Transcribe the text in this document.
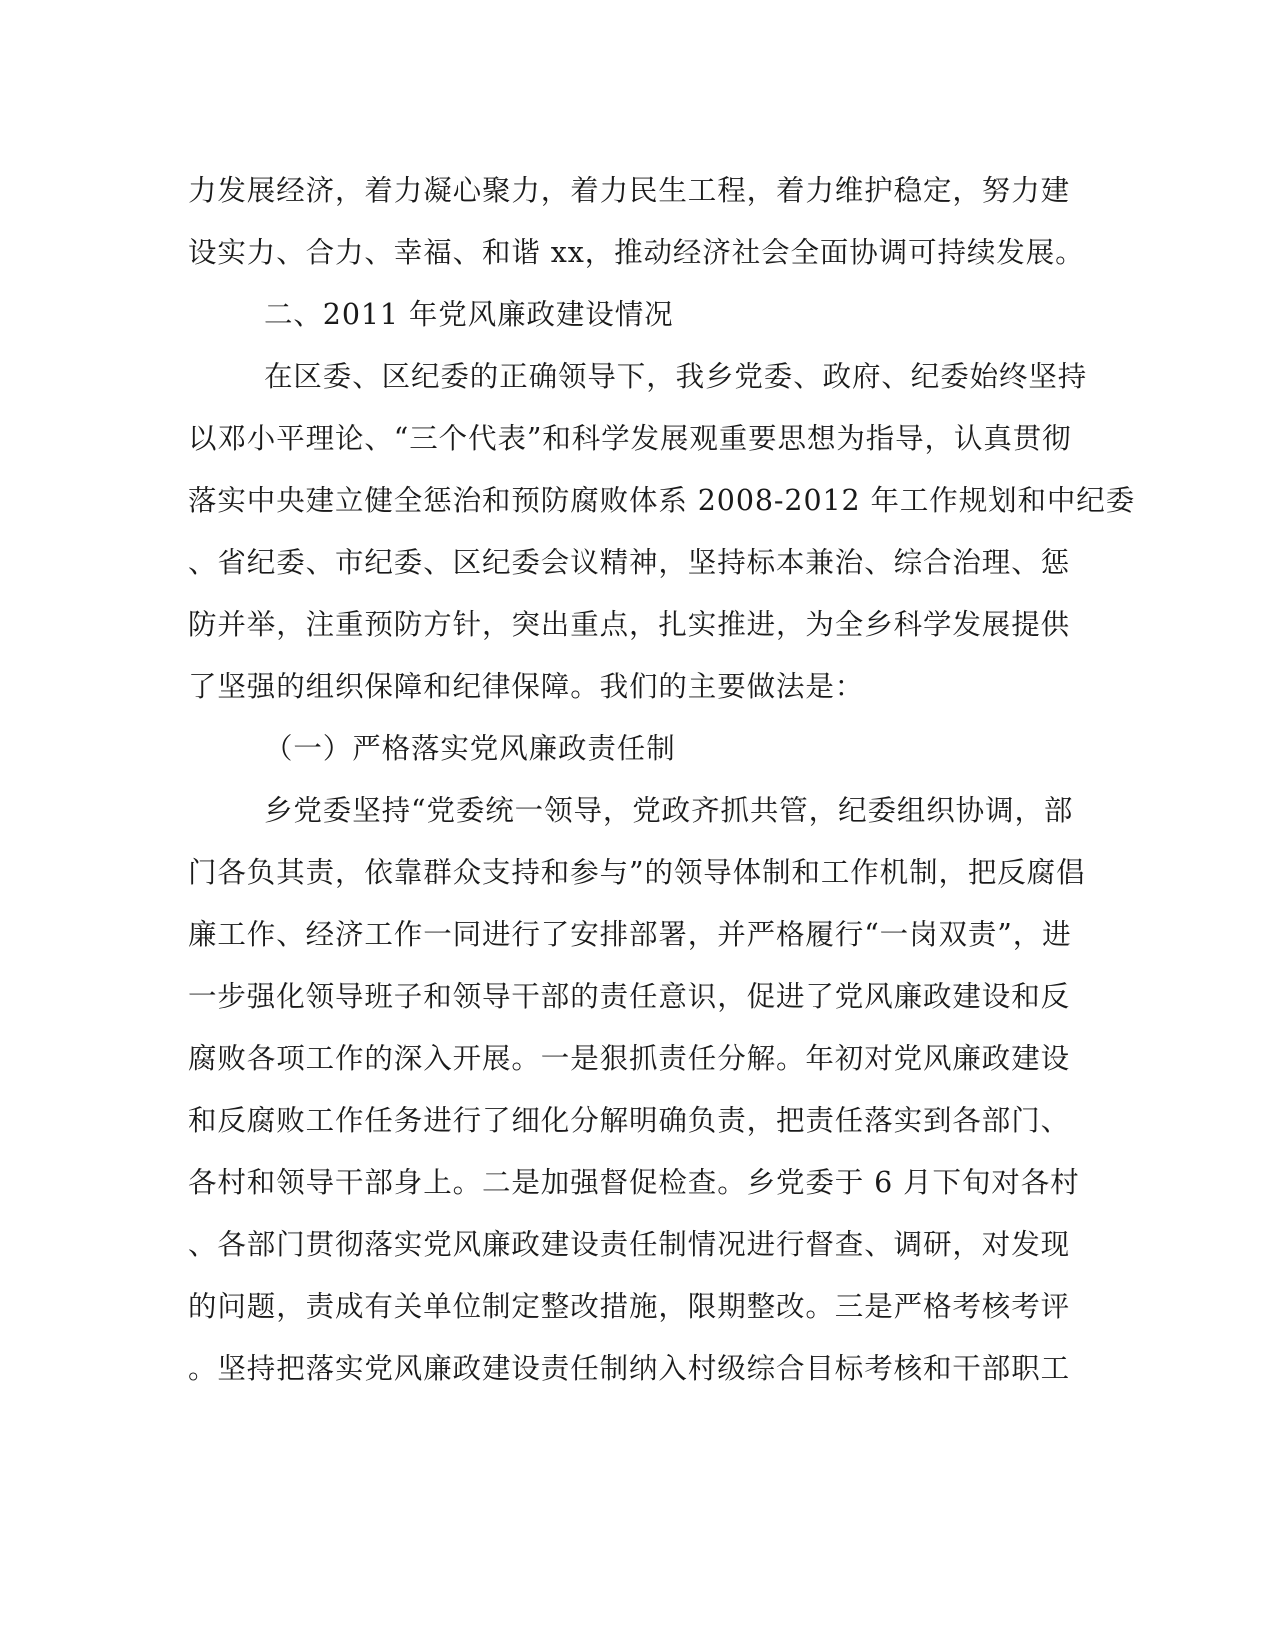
力发展经济，着力凝心聚力，着力民生工程，着力维护稳定，努力建
设实力、合力、幸福、和谐 xx，推动经济社会全面协调可持续发展。
二、2011 年党风廉政建设情况
在区委、区纪委的正确领导下，我乡党委、政府、纪委始终坚持
以邓小平理论、“三个代表”和科学发展观重要思想为指导，认真贯彻
落实中央建立健全惩治和预防腐败体系 2008-2012 年工作规划和中纪委
、省纪委、市纪委、区纪委会议精神，坚持标本兼治、综合治理、惩
防并举，注重预防方针，突出重点，扎实推进，为全乡科学发展提供
了坚强的组织保障和纪律保障。我们的主要做法是：
（一）严格落实党风廉政责任制
乡党委坚持“党委统一领导，党政齐抓共管，纪委组织协调，部
门各负其责，依靠群众支持和参与”的领导体制和工作机制，把反腐倡
廉工作、经济工作一同进行了安排部署，并严格履行“一岗双责”，进
一步强化领导班子和领导干部的责任意识，促进了党风廉政建设和反
腐败各项工作的深入开展。一是狠抓责任分解。年初对党风廉政建设
和反腐败工作任务进行了细化分解明确负责，把责任落实到各部门、
各村和领导干部身上。二是加强督促检查。乡党委于 6 月下旬对各村
、各部门贯彻落实党风廉政建设责任制情况进行督查、调研，对发现
的问题，责成有关单位制定整改措施，限期整改。三是严格考核考评
。坚持把落实党风廉政建设责任制纳入村级综合目标考核和干部职工
